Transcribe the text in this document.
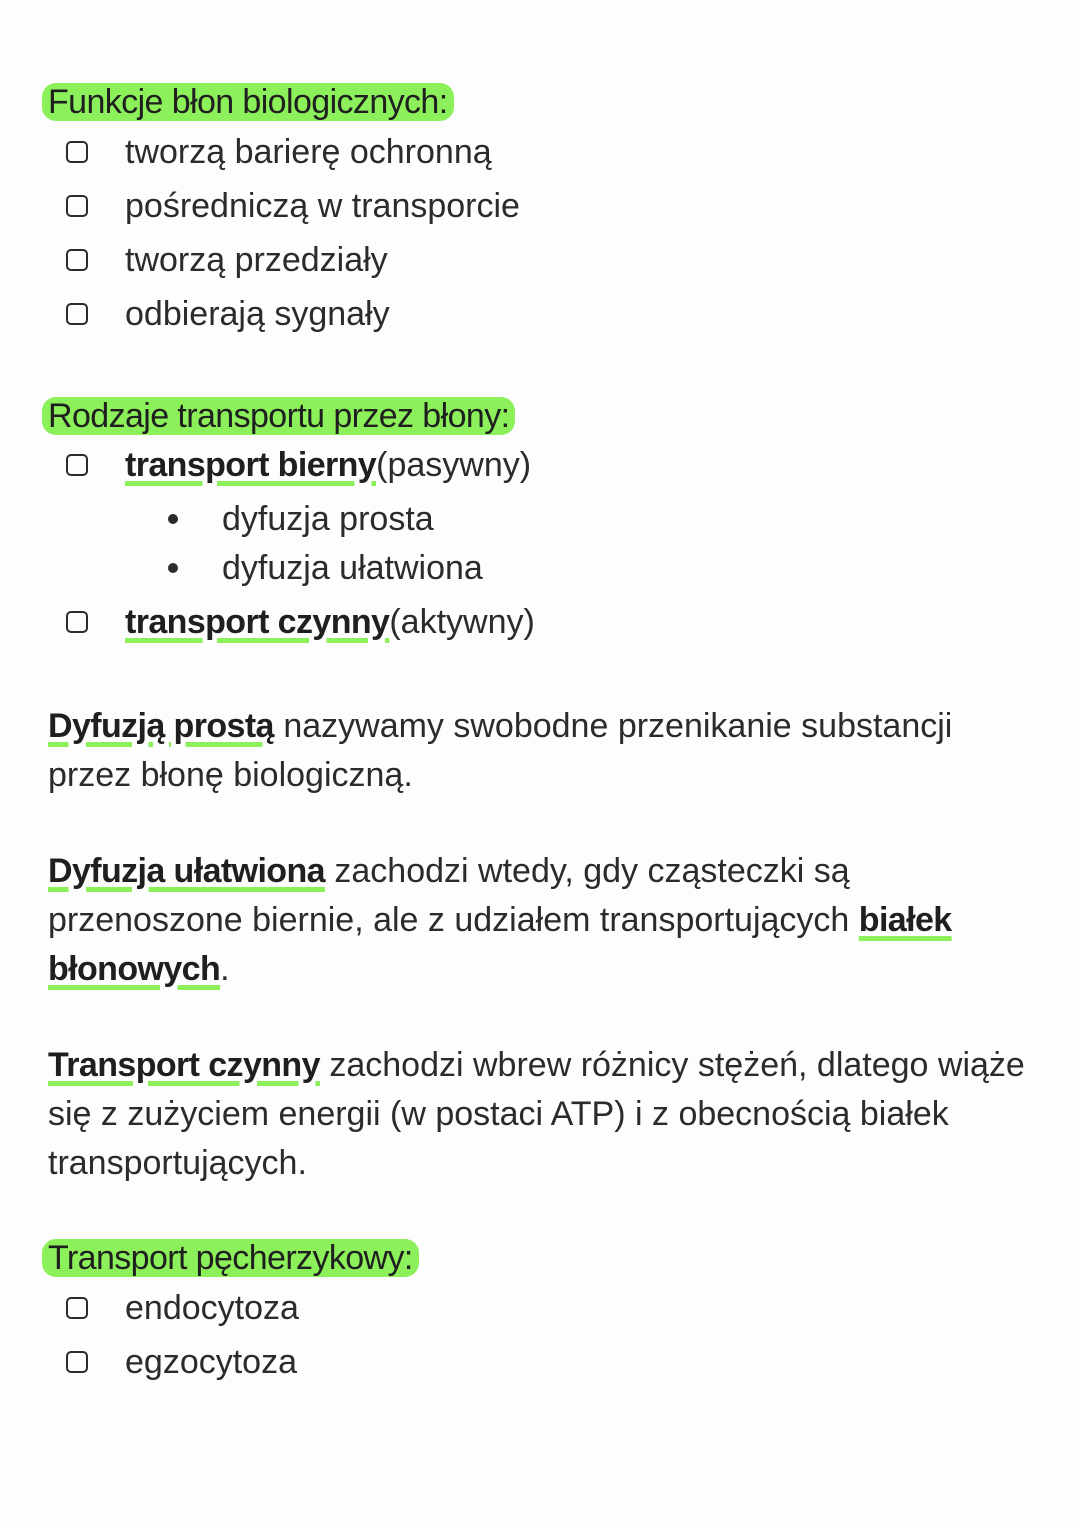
Funkcje błon biologicznych:
tworzą barierę ochronną
pośredniczą w transporcie
tworzą przedziały
odbierają sygnały
Rodzaje transportu przez błony:
transport bierny (pasywny)
dyfuzja prosta
dyfuzja ułatwiona
transport czynny (aktywny)
Dyfuzją prostą nazywamy swobodne przenikanie substancji przez błonę biologiczną.
Dyfuzja ułatwiona zachodzi wtedy, gdy cząsteczki są przenoszone biernie, ale z udziałem transportujących białek błonowych.
Transport czynny zachodzi wbrew różnicy stężeń, dlatego wiąże się z zużyciem energii (w postaci ATP) i z obecnością białek transportujących.
Transport pęcherzykowy:
endocytoza
egzocytoza
